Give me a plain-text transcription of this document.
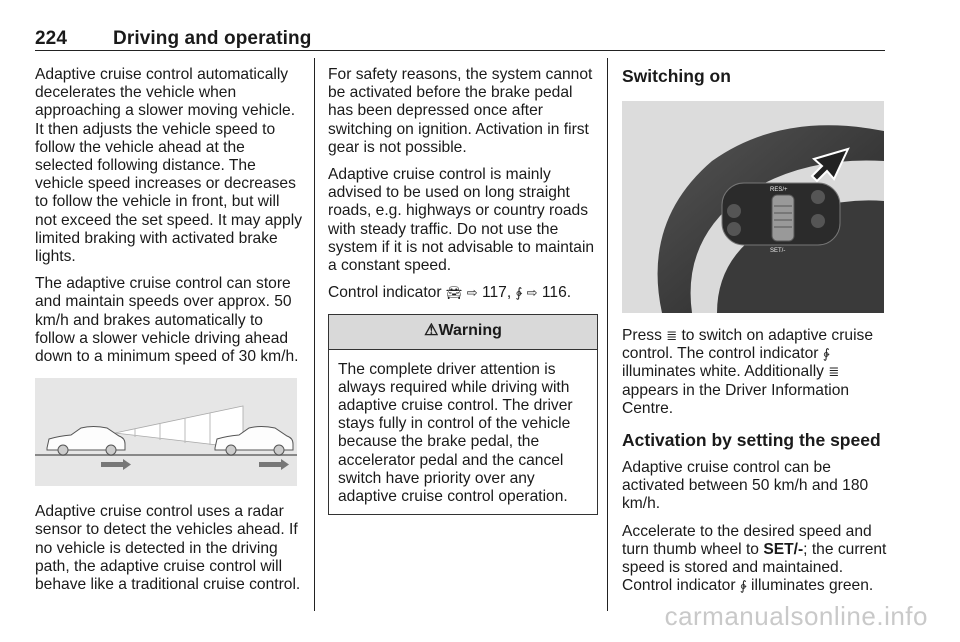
224 Driving and operating

Adaptive cruise control automatically decelerates the vehicle when approaching a slower moving vehicle. It then adjusts the vehicle speed to follow the vehicle ahead at the selected following distance. The vehicle speed increases or decreases to follow the vehicle in front, but will not exceed the set speed. It may apply limited braking with activated brake lights.

The adaptive cruise control can store and maintain speeds over approx. 50 km/h and brakes automatically to follow a slower vehicle driving ahead down to a minimum speed of 30 km/h.

Adaptive cruise control uses a radar sensor to detect the vehicles ahead. If no vehicle is detected in the driving path, the adaptive cruise control will behave like a traditional cruise control.

For safety reasons, the system cannot be activated before the brake pedal has been depressed once after switching on ignition. Activation in first gear is not possible.

Adaptive cruise control is mainly advised to be used on long straight roads, e.g. highways or country roads with steady traffic. Do not use the system if it is not advisable to maintain a constant speed.

Control indicator 🚘︎ ⇨ 117, ∲ ⇨ 116.

⚠Warning
The complete driver attention is always required while driving with adaptive cruise control. The driver stays fully in control of the vehicle because the brake pedal, the accelerator pedal and the cancel switch have priority over any adaptive cruise control operation.
Switching on
RES/+
SET/-

Press ≣ to switch on adaptive cruise control. The control indicator ∲ illuminates white. Additionally ≣ appears in the Driver Information Centre.

Activation by setting the speed

Adaptive cruise control can be activated between 50 km/h and 180 km/h.

Accelerate to the desired speed and turn thumb wheel to SET/-; the current speed is stored and maintained. Control indicator ∲ illuminates green.

carmanualsonline.info
